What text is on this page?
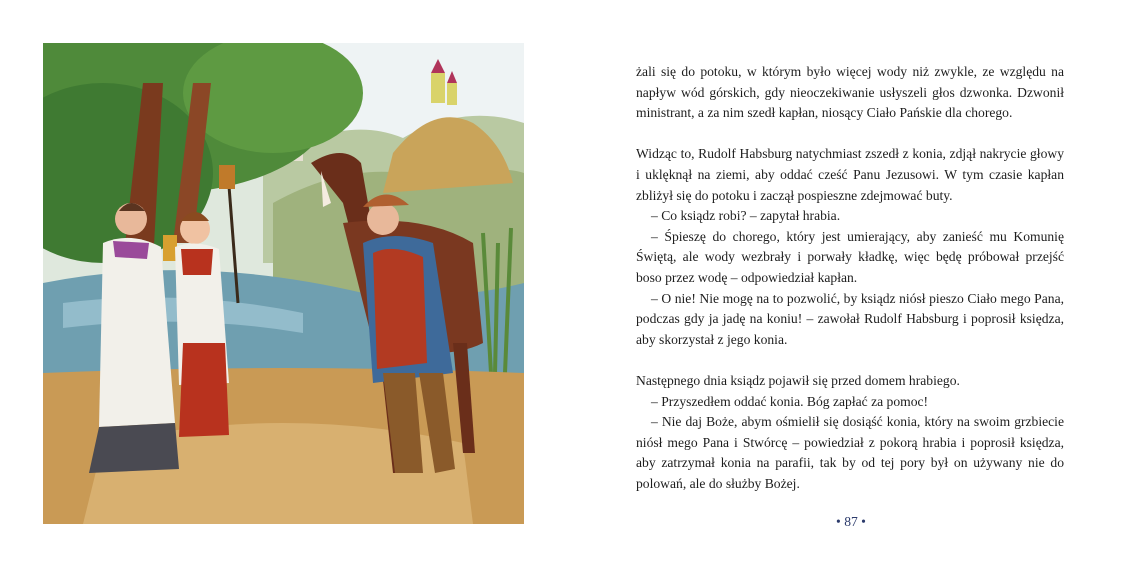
żali się do potoku, w którym było więcej wody niż zwykle, ze względu na napływ wód górskich, gdy nieoczekiwanie usłyszeli głos dzwonka. Dzwonił ministrant, a za nim szedł kapłan, niosący Ciało Pańskie dla chorego.

Widząc to, Rudolf Habsburg natychmiast zszedł z konia, zdjął nakrycie głowy i uklęknął na ziemi, aby oddać cześć Panu Jezusowi. W tym czasie kapłan zbliżył się do potoku i zaczął pospieszne zdejmować buty.

– Co ksiądz robi? – zapytał hrabia.

– Śpieszę do chorego, który jest umierający, aby zanieść mu Komunię Świętą, ale wody wezbrały i porwały kładkę, więc będę próbował przejść boso przez wodę – odpowiedział kapłan.

– O nie! Nie mogę na to pozwolić, by ksiądz niósł pieszo Ciało mego Pana, podczas gdy ja jadę na koniu! – zawołał Rudolf Habsburg i poprosił księdza, aby skorzystał z jego konia.

Następnego dnia ksiądz pojawił się przed domem hrabiego.

– Przyszedłem oddać konia. Bóg zapłać za pomoc!

– Nie daj Boże, abym ośmielił się dosiąść konia, który na swoim grzbiecie niósł mego Pana i Stwórcę – powiedział z pokorą hrabia i poprosił księdza, aby zatrzymał konia na parafii, tak by od tej pory był on używany nie do polowań, ale do służby Bożej.

• 87 •
